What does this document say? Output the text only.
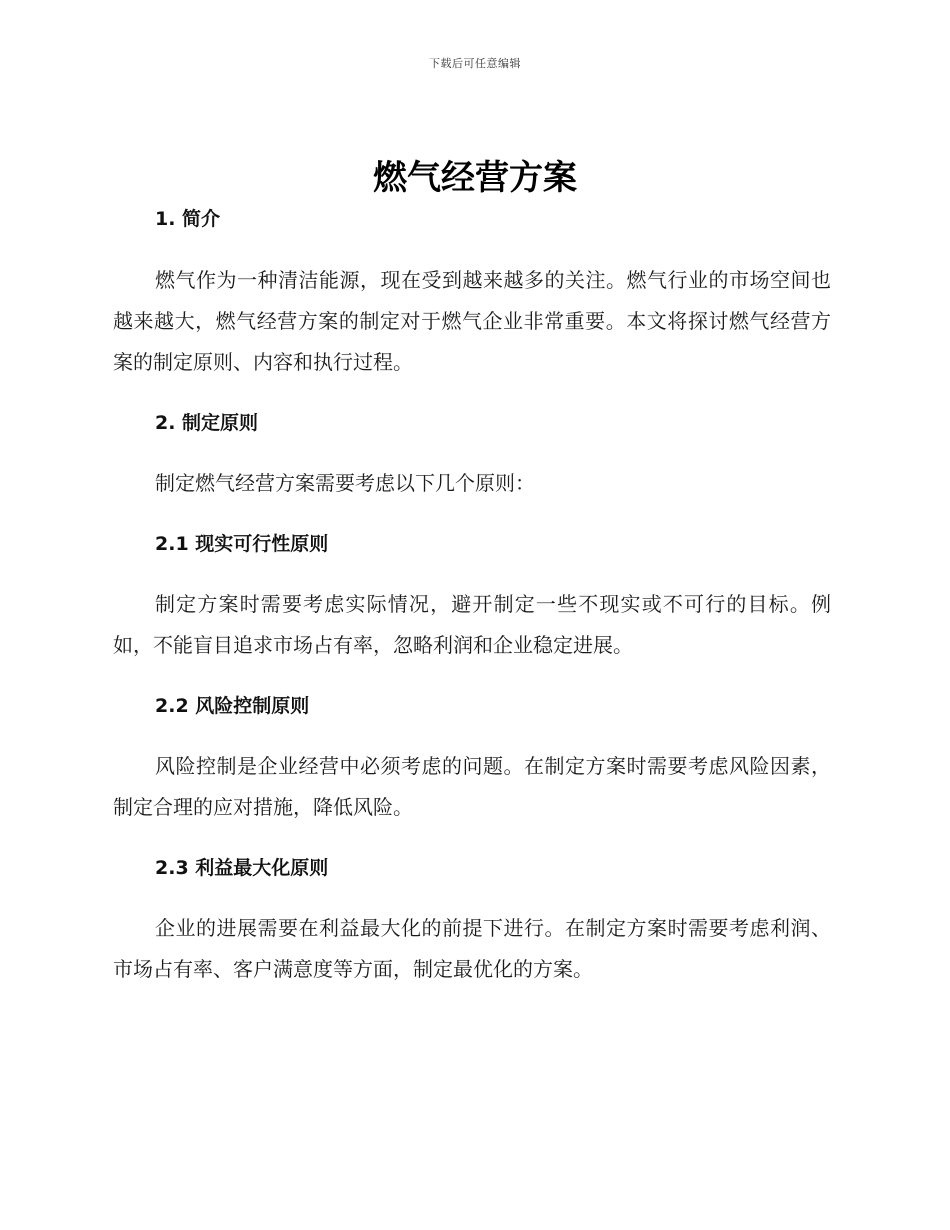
下载后可任意编辑
燃气经营方案
1. 简介

燃气作为一种清洁能源，现在受到越来越多的关注。燃气行业的市场空间也越来越大，燃气经营方案的制定对于燃气企业非常重要。本文将探讨燃气经营方案的制定原则、内容和执行过程。

2. 制定原则

制定燃气经营方案需要考虑以下几个原则：

2.1 现实可行性原则

制定方案时需要考虑实际情况，避开制定一些不现实或不可行的目标。例如，不能盲目追求市场占有率，忽略利润和企业稳定进展。

2.2 风险控制原则

风险控制是企业经营中必须考虑的问题。在制定方案时需要考虑风险因素，制定合理的应对措施，降低风险。

2.3 利益最大化原则

企业的进展需要在利益最大化的前提下进行。在制定方案时需要考虑利润、市场占有率、客户满意度等方面，制定最优化的方案。
